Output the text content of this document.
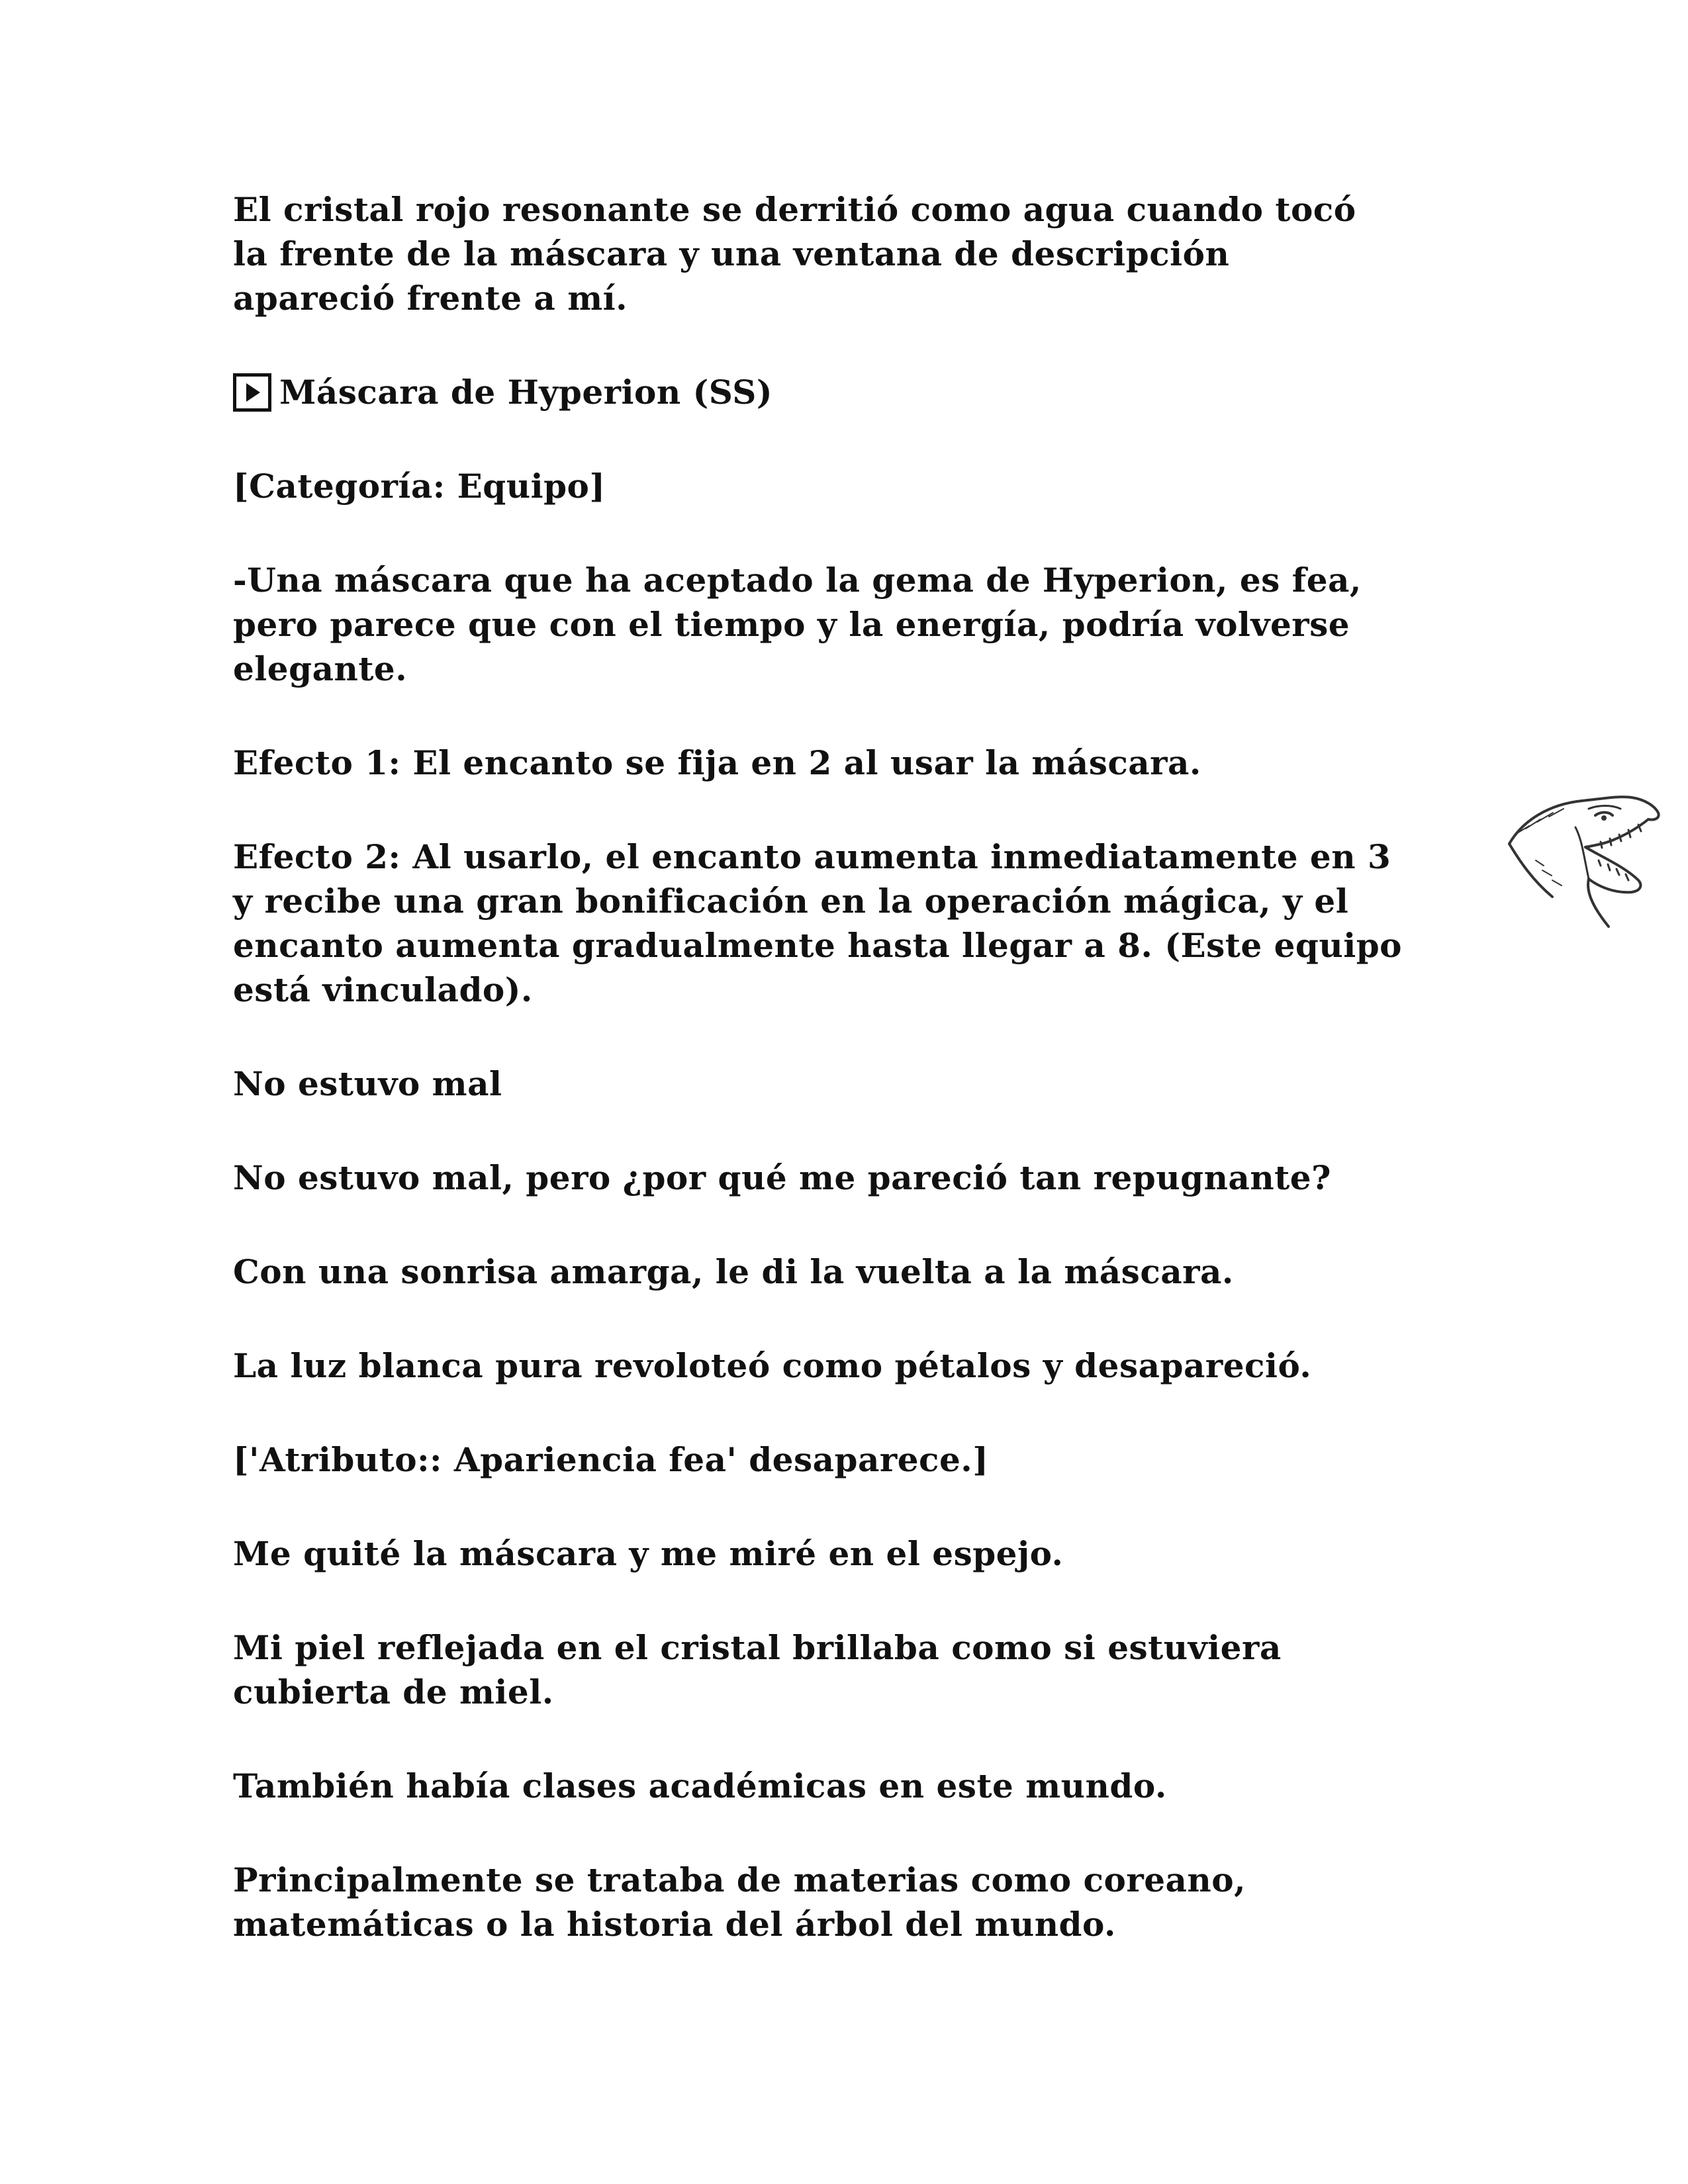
El cristal rojo resonante se derritió como agua cuando tocó
la frente de la máscara y una ventana de descripción
apareció frente a mí.

Máscara de Hyperion (SS)

[Categoría: Equipo]

-Una máscara que ha aceptado la gema de Hyperion, es fea,
pero parece que con el tiempo y la energía, podría volverse
elegante.

Efecto 1: El encanto se fija en 2 al usar la máscara.

Efecto 2: Al usarlo, el encanto aumenta inmediatamente en 3
y recibe una gran bonificación en la operación mágica, y el
encanto aumenta gradualmente hasta llegar a 8. (Este equipo
está vinculado).

No estuvo mal

No estuvo mal, pero ¿por qué me pareció tan repugnante?

Con una sonrisa amarga, le di la vuelta a la máscara.

La luz blanca pura revoloteó como pétalos y desapareció.

['Atributo:: Apariencia fea' desaparece.]

Me quité la máscara y me miré en el espejo.

Mi piel reflejada en el cristal brillaba como si estuviera
cubierta de miel.

También había clases académicas en este mundo.

Principalmente se trataba de materias como coreano,
matemáticas o la historia del árbol del mundo.
